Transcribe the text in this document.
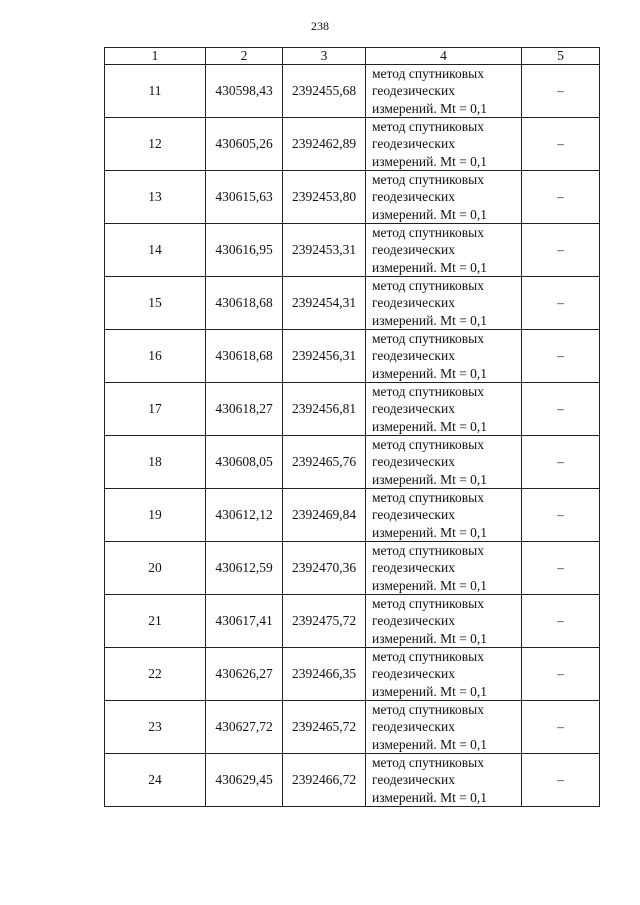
238
1	2	3	4	5
11	430598,43	2392455,68	метод спутниковых
геодезических
измерений. Mt = 0,1	–
12	430605,26	2392462,89	метод спутниковых
геодезических
измерений. Mt = 0,1	–
13	430615,63	2392453,80	метод спутниковых
геодезических
измерений. Mt = 0,1	–
14	430616,95	2392453,31	метод спутниковых
геодезических
измерений. Mt = 0,1	–
15	430618,68	2392454,31	метод спутниковых
геодезических
измерений. Mt = 0,1	–
16	430618,68	2392456,31	метод спутниковых
геодезических
измерений. Mt = 0,1	–
17	430618,27	2392456,81	метод спутниковых
геодезических
измерений. Mt = 0,1	–
18	430608,05	2392465,76	метод спутниковых
геодезических
измерений. Mt = 0,1	–
19	430612,12	2392469,84	метод спутниковых
геодезических
измерений. Mt = 0,1	–
20	430612,59	2392470,36	метод спутниковых
геодезических
измерений. Mt = 0,1	–
21	430617,41	2392475,72	метод спутниковых
геодезических
измерений. Mt = 0,1	–
22	430626,27	2392466,35	метод спутниковых
геодезических
измерений. Mt = 0,1	–
23	430627,72	2392465,72	метод спутниковых
геодезических
измерений. Mt = 0,1	–
24	430629,45	2392466,72	метод спутниковых
геодезических
измерений. Mt = 0,1	–
